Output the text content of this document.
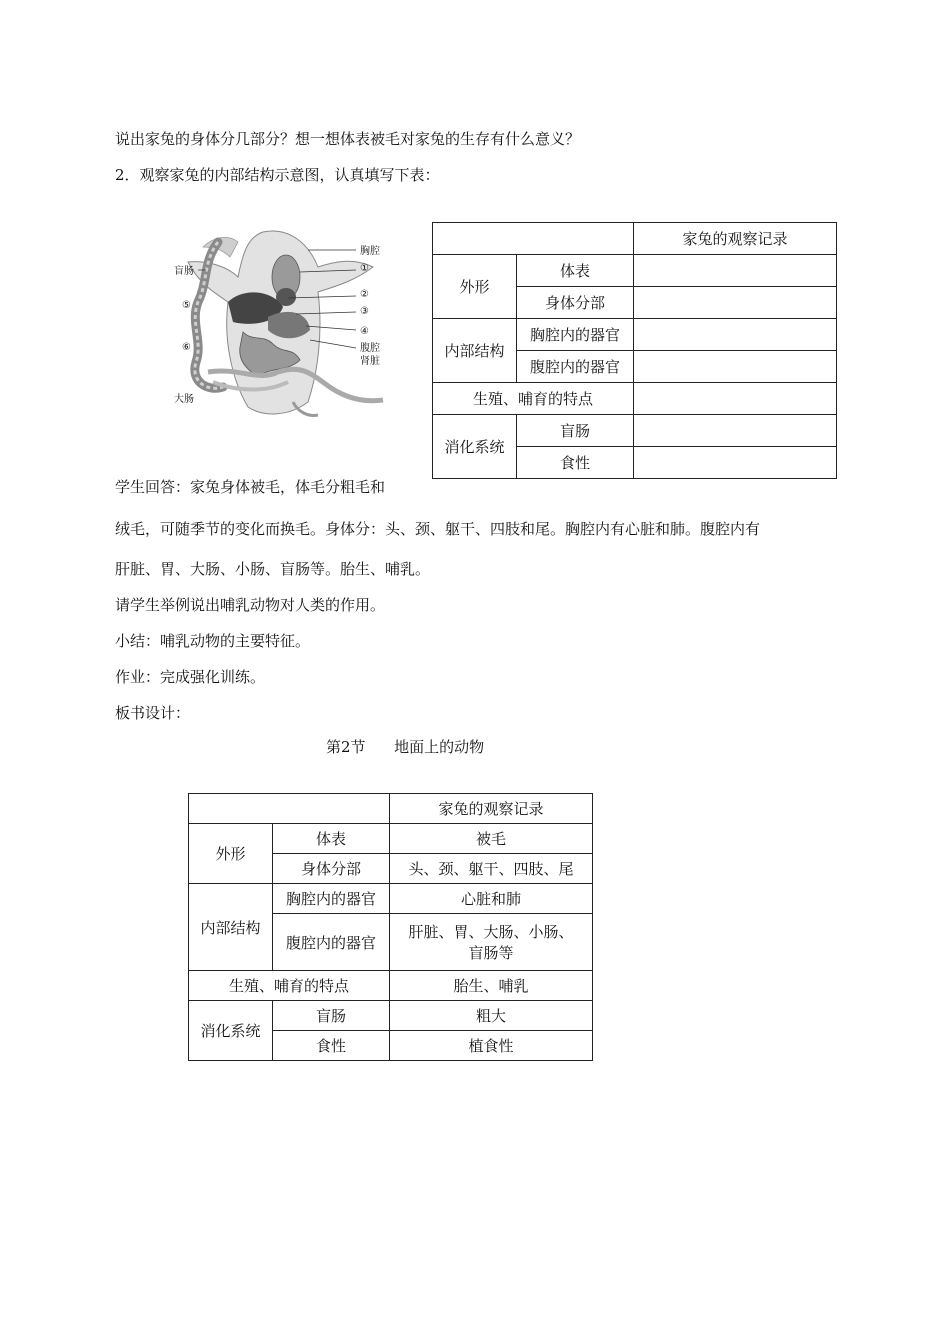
说出家兔的身体分几部分？想一想体表被毛对家兔的生存有什么意义？
2．观察家兔的内部结构示意图，认真填写下表：
胸腔
①
②
③
④
腹腔
肾脏
盲肠
⑤
⑥
大肠
		家兔的观察记录
外形	体表	
	身体分部	
内部结构	胸腔内的器官	
	腹腔内的器官	
生殖、哺育的特点		
消化系统	盲肠	
	食性	
学生回答：家兔身体被毛，体毛分粗毛和
绒毛，可随季节的变化而换毛。身体分：头、颈、躯干、四肢和尾。胸腔内有心脏和肺。腹腔内有
肝脏、胃、大肠、小肠、盲肠等。胎生、哺乳。
请学生举例说出哺乳动物对人类的作用。
小结：哺乳动物的主要特征。
作业：完成强化训练。
板书设计：
第2节      地面上的动物
		家兔的观察记录
外形	体表	被毛
	身体分部	头、颈、躯干、四肢、尾
内部结构	胸腔内的器官	心脏和肺
	腹腔内的器官	肝脏、胃、大肠、小肠、
盲肠等

生殖、哺育的特点		胎生、哺乳
消化系统	盲肠	粗大
	食性	植食性
